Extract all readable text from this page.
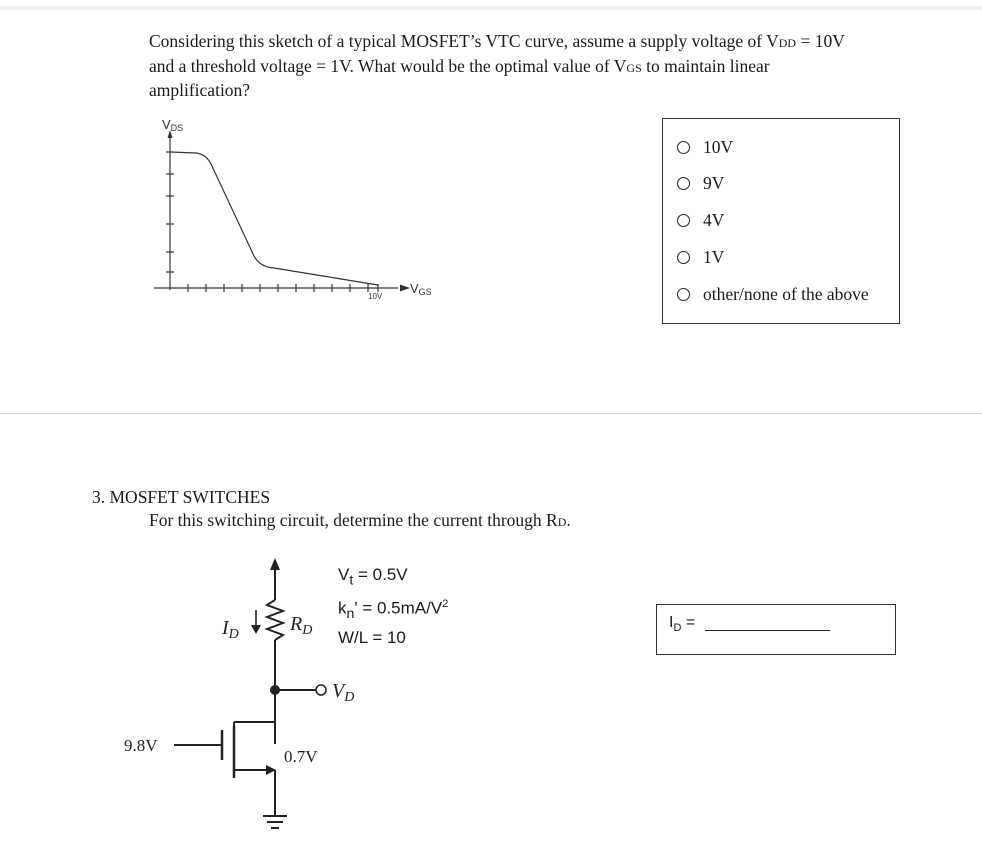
Considering this sketch of a typical MOSFET’s VTC curve, assume a supply voltage of VDD = 10V
and a threshold voltage = 1V. What would be the optimal value of VGS to maintain linear
amplification?
VDS
VGS
10V
10V
9V
4V
1V
other/none of the above
3. MOSFET SWITCHES
For this switching circuit, determine the current through RD.
$I_D$	$R_D$
$V_D$
9.8V
0.7V
$V_t = 0.5V$
$k_n' = 0.5mA/V^2$
W/L = 10
$I_D$ =
